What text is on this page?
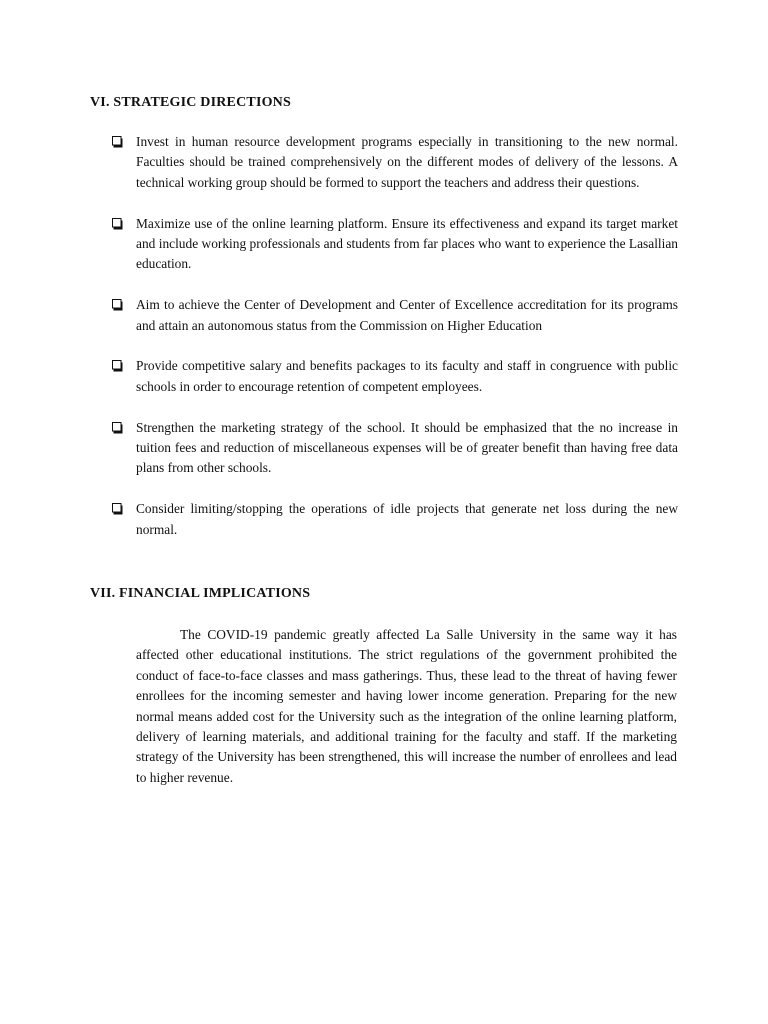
VI. STRATEGIC DIRECTIONS
Invest in human resource development programs especially in transitioning to the new normal. Faculties should be trained comprehensively on the different modes of delivery of the lessons. A technical working group should be formed to support the teachers and address their questions.
Maximize use of the online learning platform. Ensure its effectiveness and expand its target market and include working professionals and students from far places who want to experience the Lasallian education.
Aim to achieve the Center of Development and Center of Excellence accreditation for its programs and attain an autonomous status from the Commission on Higher Education
Provide competitive salary and benefits packages to its faculty and staff in congruence with public schools in order to encourage retention of competent employees.
Strengthen the marketing strategy of the school. It should be emphasized that the no increase in tuition fees and reduction of miscellaneous expenses will be of greater benefit than having free data plans from other schools.
Consider limiting/stopping the operations of idle projects that generate net loss during the new normal.
VII. FINANCIAL IMPLICATIONS

The COVID-19 pandemic greatly affected La Salle University in the same way it has affected other educational institutions. The strict regulations of the government prohibited the conduct of face-to-face classes and mass gatherings. Thus, these lead to the threat of having fewer enrollees for the incoming semester and having lower income generation. Preparing for the new normal means added cost for the University such as the integration of the online learning platform, delivery of learning materials, and additional training for the faculty and staff. If the marketing strategy of the University has been strengthened, this will increase the number of enrollees and lead to higher revenue.
